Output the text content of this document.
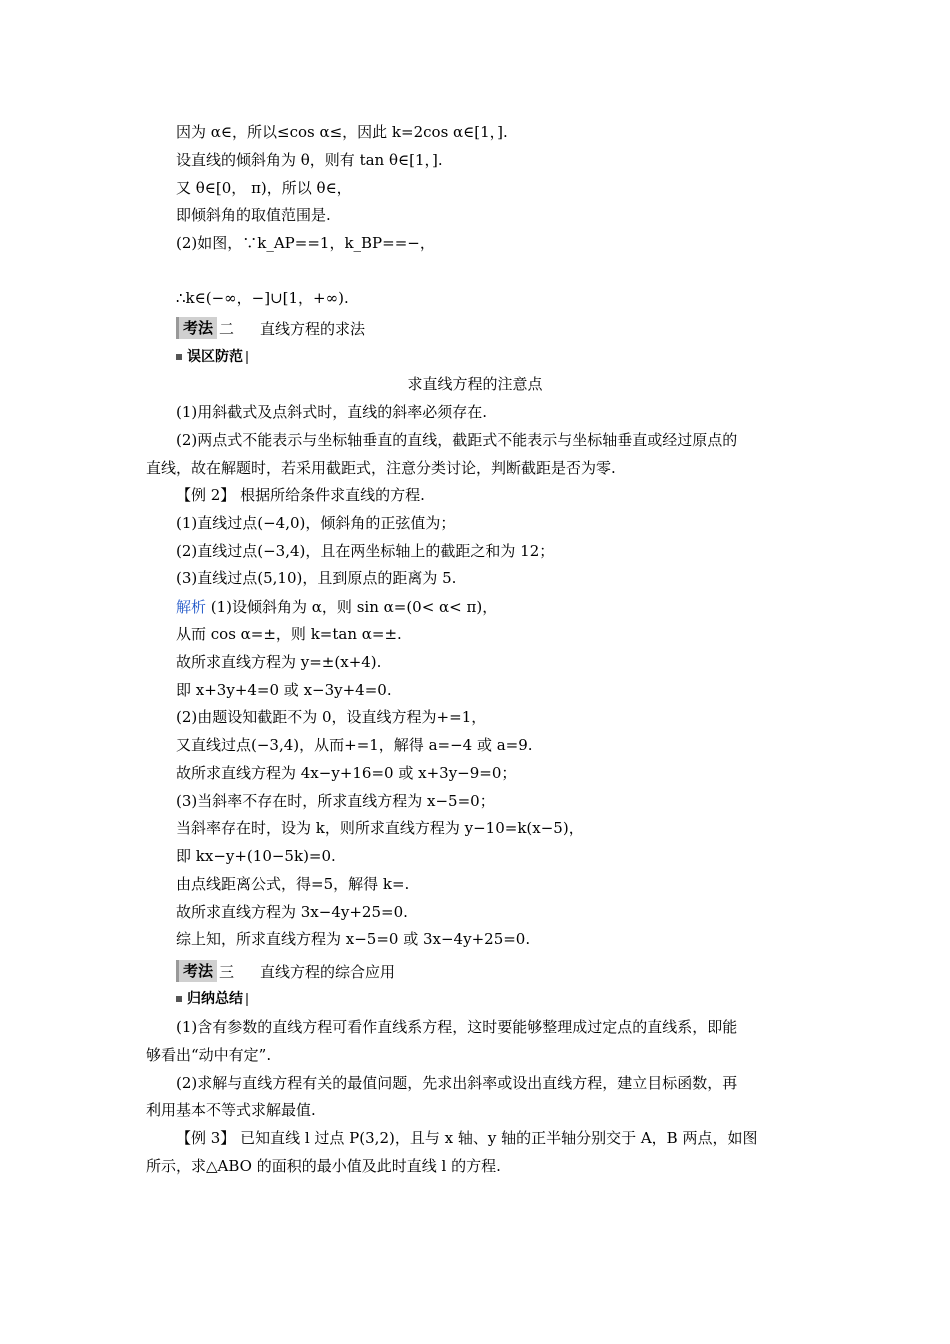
因为 α∈，所以≤cos α≤，因此 k=2cos α∈[1，].
设直线的倾斜角为 θ，则有 tan θ∈[1，].
又 θ∈[0， π)，所以 θ∈，
即倾斜角的取值范围是.
(2)如图，∵k_AP==1，k_BP==−，
∴k∈(−∞，−]∪[1，+∞).
考法 二 直线方程的求法
误区防范
求直线方程的注意点
(1)用斜截式及点斜式时，直线的斜率必须存在.
(2)两点式不能表示与坐标轴垂直的直线，截距式不能表示与坐标轴垂直或经过原点的
直线，故在解题时，若采用截距式，注意分类讨论，判断截距是否为零.
【例 2】 根据所给条件求直线的方程.
(1)直线过点(−4,0)，倾斜角的正弦值为；
(2)直线过点(−3,4)，且在两坐标轴上的截距之和为 12；
(3)直线过点(5,10)，且到原点的距离为 5.
解析 (1)设倾斜角为 α，则 sin α=(0< α< π)，
从而 cos α=±，则 k=tan α=±.
故所求直线方程为 y=±(x+4).
即 x+3y+4=0 或 x−3y+4=0.
(2)由题设知截距不为 0，设直线方程为+=1，
又直线过点(−3,4)，从而+=1，解得 a=−4 或 a=9.
故所求直线方程为 4x−y+16=0 或 x+3y−9=0；
(3)当斜率不存在时，所求直线方程为 x−5=0；
当斜率存在时，设为 k，则所求直线方程为 y−10=k(x−5)，
即 kx−y+(10−5k)=0.
由点线距离公式，得=5，解得 k=.
故所求直线方程为 3x−4y+25=0.
综上知，所求直线方程为 x−5=0 或 3x−4y+25=0.
考法 三 直线方程的综合应用
归纳总结
(1)含有参数的直线方程可看作直线系方程，这时要能够整理成过定点的直线系，即能
够看出“动中有定”.
(2)求解与直线方程有关的最值问题，先求出斜率或设出直线方程，建立目标函数，再
利用基本不等式求解最值.
【例 3】 已知直线 l 过点 P(3,2)，且与 x 轴、y 轴的正半轴分别交于 A，B 两点，如图
所示，求△ABO 的面积的最小值及此时直线 l 的方程.
